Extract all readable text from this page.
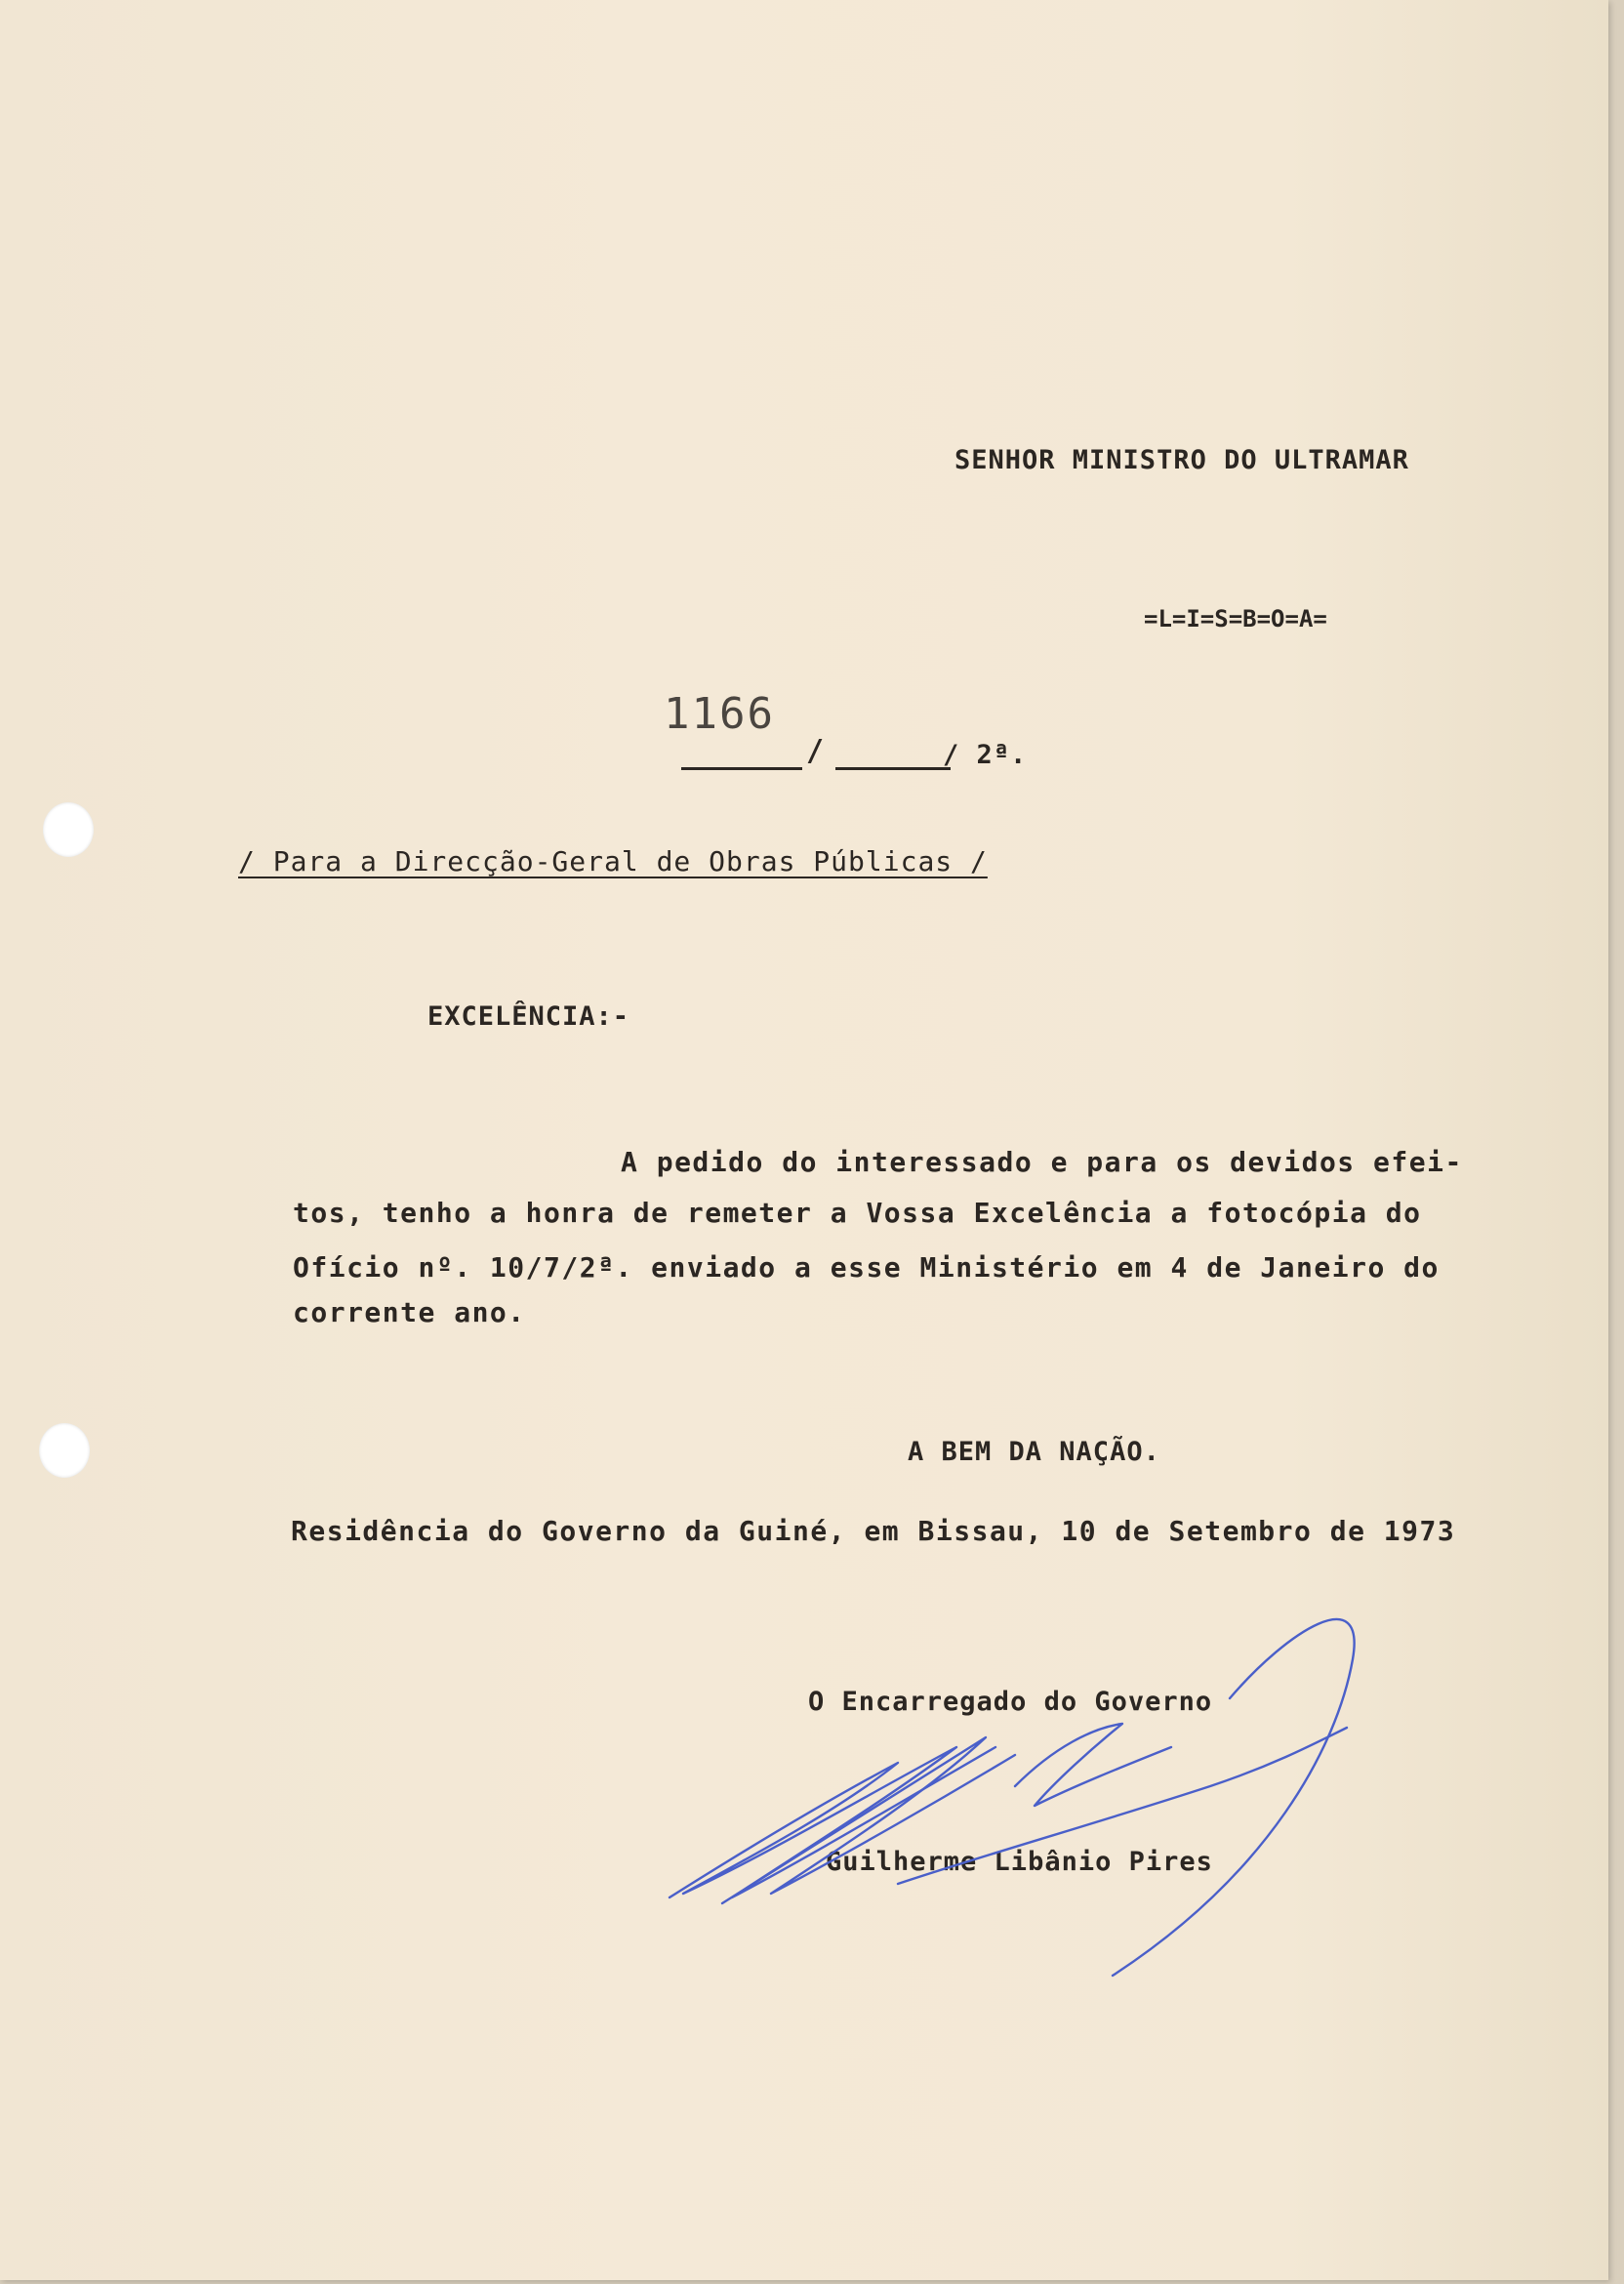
SENHOR MINISTRO DO ULTRAMAR
=L=I=S=B=O=A=
1166
/	/ 2ª.
/ Para a Direcção-Geral de Obras Públicas /
EXCELÊNCIA:-
A pedido do interessado e para os devidos efei-
tos, tenho a honra de remeter a Vossa Excelência a fotocópia do
Ofício nº. 10/7/2ª. enviado a esse Ministério em 4 de Janeiro do
corrente ano.
A BEM DA NAÇÃO.
Residência do Governo da Guiné, em Bissau, 10 de Setembro de 1973
O Encarregado do Governo
Guilherme Libânio Pires
